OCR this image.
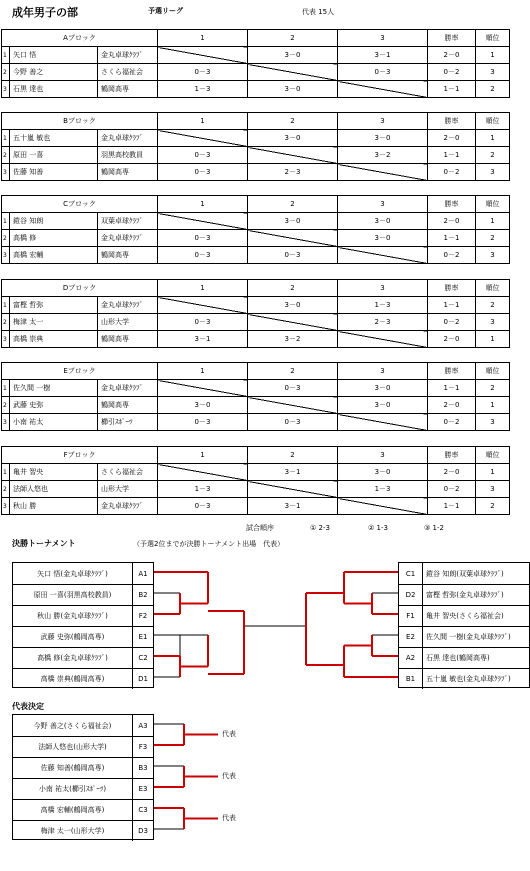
成年男子の部	予選リーグ	代表 15人
Aブロック			1	2	3	勝率	順位
1	矢口 悟	金丸卓球ｸﾗﾌﾞ		3－0	3－1	2－0	1
2	今野 善之	さくら福祉会	0－3		0－3	0－2	3
3	石黒 達也	鶴岡高専	1－3	3－0		1－1	2
Bブロック			1	2	3	勝率	順位
1	五十嵐 敏也	金丸卓球ｸﾗﾌﾞ		3－0	3－0	2－0	1
2	原田 一喜	羽黒高校教員	0－3		3－2	1－1	2
3	佐藤 知善	鶴岡高専	0－3	2－3		0－2	3
Cブロック			1	2	3	勝率	順位
1	鎧谷 知朗	双葉卓球ｸﾗﾌﾞ		3－0	3－0	2－0	1
2	高橋 修	金丸卓球ｸﾗﾌﾞ	0－3		3－0	1－1	2
3	高橋 宏輔	鶴岡高専	0－3	0－3		0－2	3
Dブロック			1	2	3	勝率	順位
1	富樫 哲弥	金丸卓球ｸﾗﾌﾞ		3－0	1－3	1－1	2
2	梅津 太一	山形大学	0－3		2－3	0－2	3
3	高橋 崇典	鶴岡高専	3－1	3－2		2－0	1
Eブロック			1	2	3	勝率	順位
1	佐久間 一樹	金丸卓球ｸﾗﾌﾞ		0－3	3－0	1－1	2
2	武藤 史弥	鶴岡高専	3－0		3－0	2－0	1
3	小南 祐太	櫛引ｽﾎﾟｰﾂ	0－3	0－3		0－2	3
Fブロック			1	2	3	勝率	順位
1	亀井 智央	さくら福祉会		3－1	3－0	2－0	1
2	法師人悠也	山形大学	1－3		1－3	0－2	3
3	秋山 勝	金丸卓球ｸﾗﾌﾞ	0－3	3－1		1－1	2
試合順序	① 2-3	② 1-3	③ 1-2
決勝トーナメント	（予選2位までが決勝トーナメント出場　代表）
矢口 悟(金丸卓球ｸﾗﾌﾞ)	A1
原田 一喜(羽黒高校教員)	B2
秋山 勝(金丸卓球ｸﾗﾌﾞ)	F2
武藤 史弥(鶴岡高専)	E1
高橋 修(金丸卓球ｸﾗﾌﾞ)	C2
高橋 崇典(鶴岡高専)	D1
鎧谷 知朗(双葉卓球ｸﾗﾌﾞ)
C1
富樫 哲弥(金丸卓球ｸﾗﾌﾞ)
D2
亀井 智央(さくら福祉会)
F1
佐久間 一樹(金丸卓球ｸﾗﾌﾞ)
E2
石黒 達也(鶴岡高専)
A2
五十嵐 敏也(金丸卓球ｸﾗﾌﾞ)
B1
代表決定
今野 善之(さくら福祉会)	A3
法師人悠也(山形大学)	F3
佐藤 知善(鶴岡高専)	B3
小南 祐太(櫛引ｽﾎﾟｰﾂ)	E3
高橋 宏輔(鶴岡高専)	C3
梅津 太一(山形大学)	D3
代表
代表
代表
